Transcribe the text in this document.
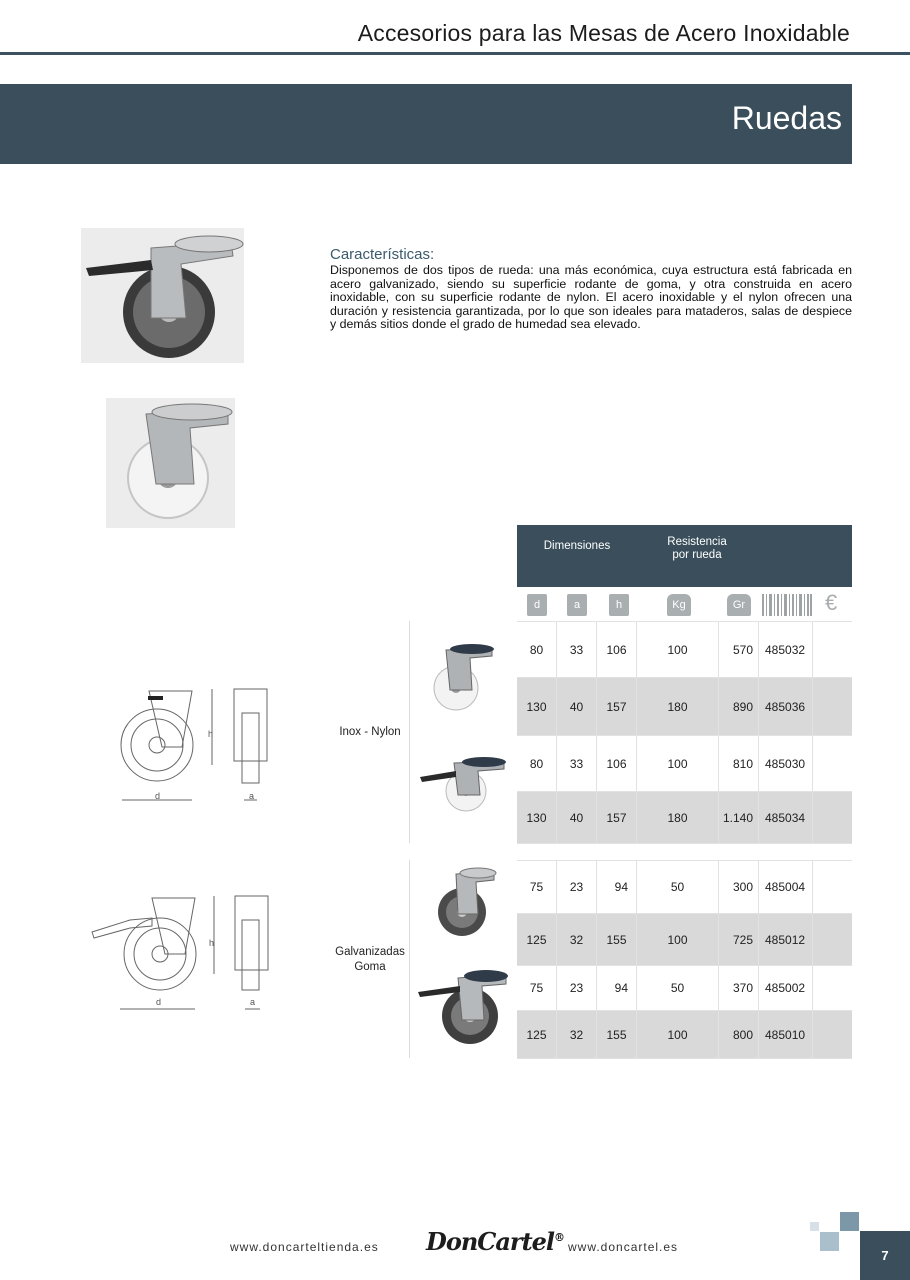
Accesorios para las Mesas de Acero Inoxidable
Ruedas
Características:
Disponemos de dos tipos de rueda: una más económica, cuya estructura está fabricada en acero galvanizado, siendo su superficie rodante de goma, y otra construida en acero inoxidable, con su superficie rodante de nylon. El acero inoxidable y el nylon ofrecen una duración y resistencia garantizada, por lo que son ideales para mataderos, salas de despiece y demás sitios donde el grado de humedad sea elevado.
Dimensiones	Resistencia
por rueda
d	a	h	Kg	Gr	€
d
h
a
d
h
a
Inox - Nylon
Galvanizadas
Goma
80	33	106	100	570	485032
130	40	157	180	890	485036
80	33	106	100	810	485030
130	40	157	180	1.140	485034
75	23	94	50	300	485004
125	32	155	100	725	485012
75	23	94	50	370	485002
125	32	155	100	800	485010
www.doncarteltienda.es DonCartel®
www.doncartel.es
7
